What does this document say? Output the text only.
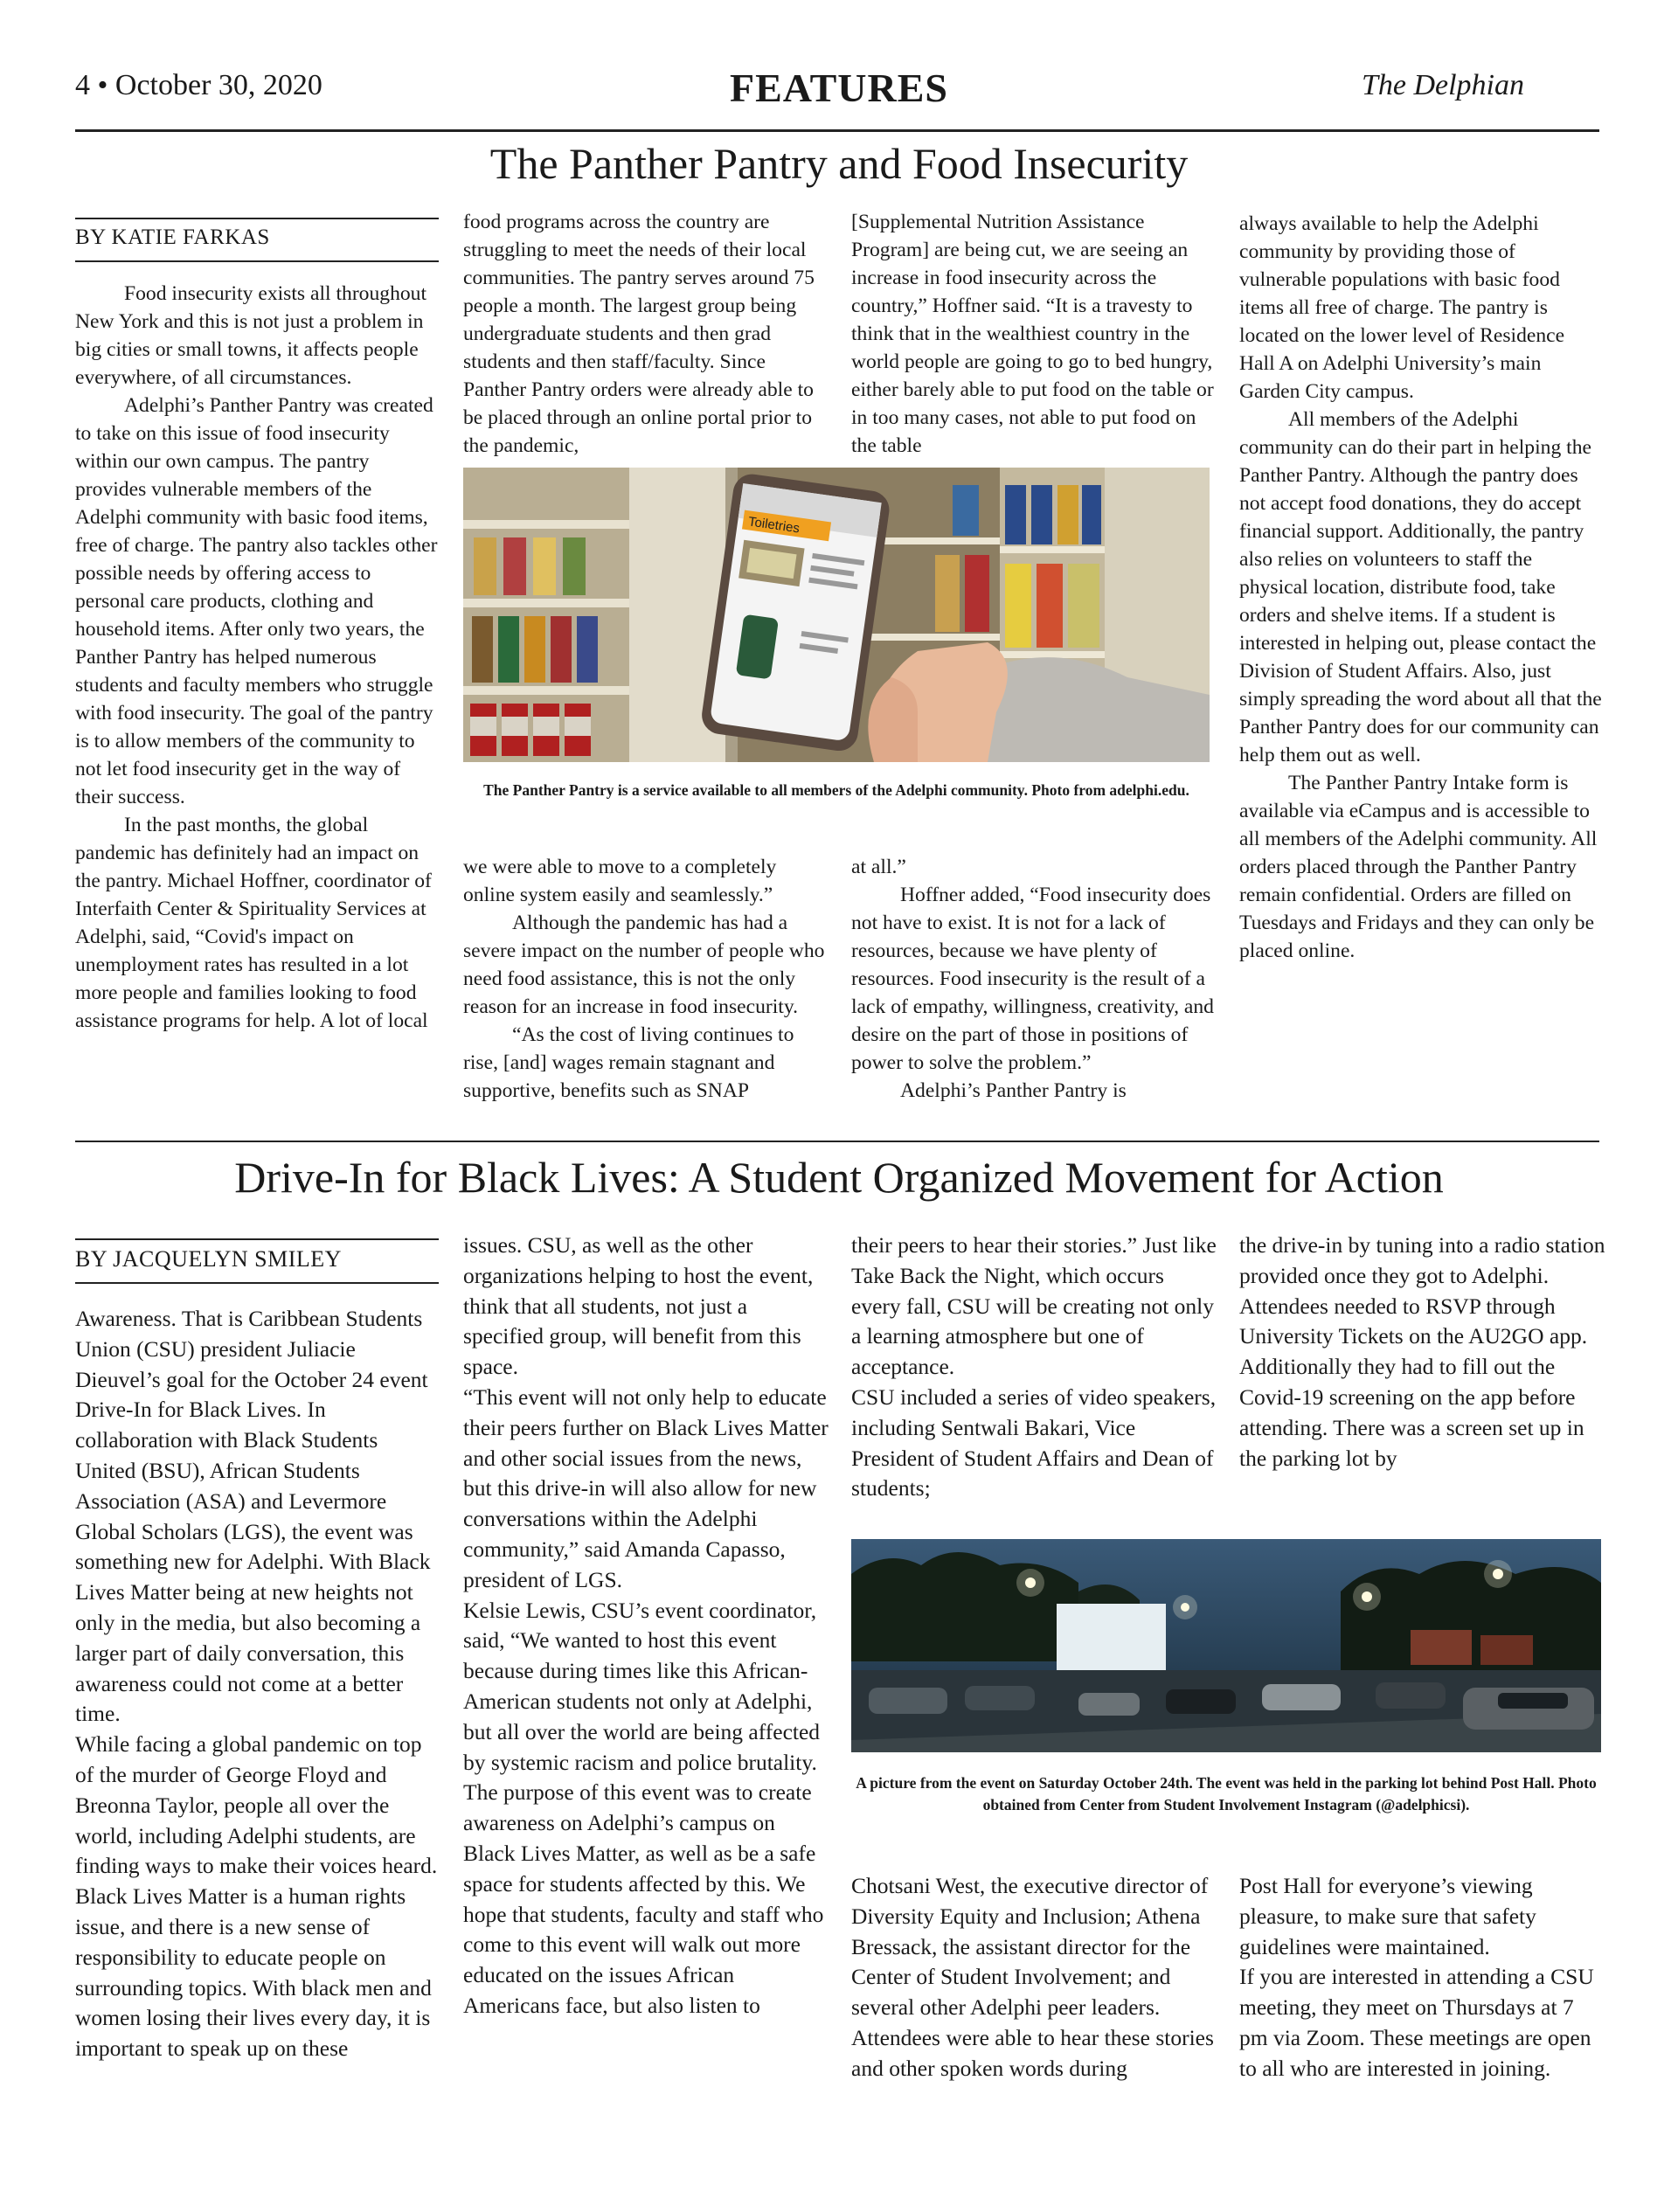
4 • October 30, 2020	FEATURES	The Delphian
The Panther Pantry and Food Insecurity
BY KATIE FARKAS

Food insecurity exists all throughout New York and this is not just a problem in big cities or small towns, it affects people everywhere, of all circumstances.

Adelphi’s Panther Pantry was created to take on this issue of food insecurity within our own campus. The pantry provides vulnerable members of the Adelphi community with basic food items, free of charge. The pantry also tackles other possible needs by offering access to personal care products, clothing and household items. After only two years, the Panther Pantry has helped numerous students and faculty members who struggle with food insecurity. The goal of the pantry is to allow members of the community to not let food insecurity get in the way of their success.

In the past months, the global pandemic has definitely had an impact on the pantry. Michael Hoffner, coordinator of Interfaith Center & Spirituality Services at Adelphi, said, “Covid's impact on unemployment rates has resulted in a lot more people and families looking to food assistance programs for help. A lot of local

food programs across the country are struggling to meet the needs of their local communities. The pantry serves around 75 people a month. The largest group being undergraduate students and then grad students and then staff/faculty. Since Panther Pantry orders were already able to be placed through an online portal prior to the pandemic,

[Supplemental Nutrition Assistance Program] are being cut, we are seeing an increase in food insecurity across the country,” Hoffner said. “It is a travesty to think that in the wealthiest country in the world people are going to go to bed hungry, either barely able to put food on the table or in too many cases, not able to put food on the table

Toiletries
The Panther Pantry is a service available to all members of the Adelphi community. Photo from adelphi.edu.

we were able to move to a completely online system easily and seamlessly.”

Although the pandemic has had a severe impact on the number of people who need food assistance, this is not the only reason for an increase in food insecurity.

“As the cost of living continues to rise, [and] wages remain stagnant and supportive, benefits such as SNAP

at all.”

Hoffner added, “Food insecurity does not have to exist. It is not for a lack of resources, because we have plenty of resources. Food insecurity is the result of a lack of empathy, willingness, creativity, and desire on the part of those in positions of power to solve the problem.”

Adelphi’s Panther Pantry is

always available to help the Adelphi community by providing those of vulnerable populations with basic food items all free of charge. The pantry is located on the lower level of Residence Hall A on Adelphi University’s main Garden City campus.

All members of the Adelphi community can do their part in helping the Panther Pantry. Although the pantry does not accept food donations, they do accept financial support. Additionally, the pantry also relies on volunteers to staff the physical location, distribute food, take orders and shelve items. If a student is interested in helping out, please contact the Division of Student Affairs. Also, just simply spreading the word about all that the Panther Pantry does for our community can help them out as well.

The Panther Pantry Intake form is available via eCampus and is accessible to all members of the Adelphi community. All orders placed through the Panther Pantry remain confidential. Orders are filled on Tuesdays and Fridays and they can only be placed online.

Drive-In for Black Lives: A Student Organized Movement for Action
BY JACQUELYN SMILEY

Awareness. That is Caribbean Students Union (CSU) president Juliacie Dieuvel’s goal for the October 24 event Drive-In for Black Lives. In collaboration with Black Students United (BSU), African Students Association (ASA) and Levermore Global Scholars (LGS), the event was something new for Adelphi. With Black Lives Matter being at new heights not only in the media, but also becoming a larger part of daily conversation, this awareness could not come at a better time.

While facing a global pandemic on top of the murder of George Floyd and Breonna Taylor, people all over the world, including Adelphi students, are finding ways to make their voices heard. Black Lives Matter is a human rights issue, and there is a new sense of responsibility to educate people on surrounding topics. With black men and women losing their lives every day, it is important to speak up on these

issues. CSU, as well as the other organizations helping to host the event, think that all students, not just a specified group, will benefit from this space.

“This event will not only help to educate their peers further on Black Lives Matter and other social issues from the news, but this drive-in will also allow for new conversations within the Adelphi community,” said Amanda Capasso, president of LGS.

Kelsie Lewis, CSU’s event coordinator, said, “We wanted to host this event because during times like this African-American students not only at Adelphi, but all over the world are being affected by systemic racism and police brutality. The purpose of this event was to create awareness on Adelphi’s campus on Black Lives Matter, as well as be a safe space for students affected by this. We hope that students, faculty and staff who come to this event will walk out more educated on the issues African Americans face, but also listen to

their peers to hear their stories.” Just like Take Back the Night, which occurs every fall, CSU will be creating not only a learning atmosphere but one of acceptance.

CSU included a series of video speakers, including Sentwali Bakari, Vice President of Student Affairs and Dean of students;

the drive-in by tuning into a radio station provided once they got to Adelphi.

Attendees needed to RSVP through University Tickets on the AU2GO app. Additionally they had to fill out the Covid-19 screening on the app before attending. There was a screen set up in the parking lot by

A picture from the event on Saturday October 24th. The event was held in the parking lot behind Post Hall. Photo obtained from Center from Student Involvement Instagram (@adelphicsi).

Chotsani West, the executive director of Diversity Equity and Inclusion; Athena Bressack, the assistant director for the Center of Student Involvement; and several other Adelphi peer leaders. Attendees were able to hear these stories and other spoken words during

Post Hall for everyone’s viewing pleasure, to make sure that safety guidelines were maintained.

If you are interested in attending a CSU meeting, they meet on Thursdays at 7 pm via Zoom. These meetings are open to all who are interested in joining.
